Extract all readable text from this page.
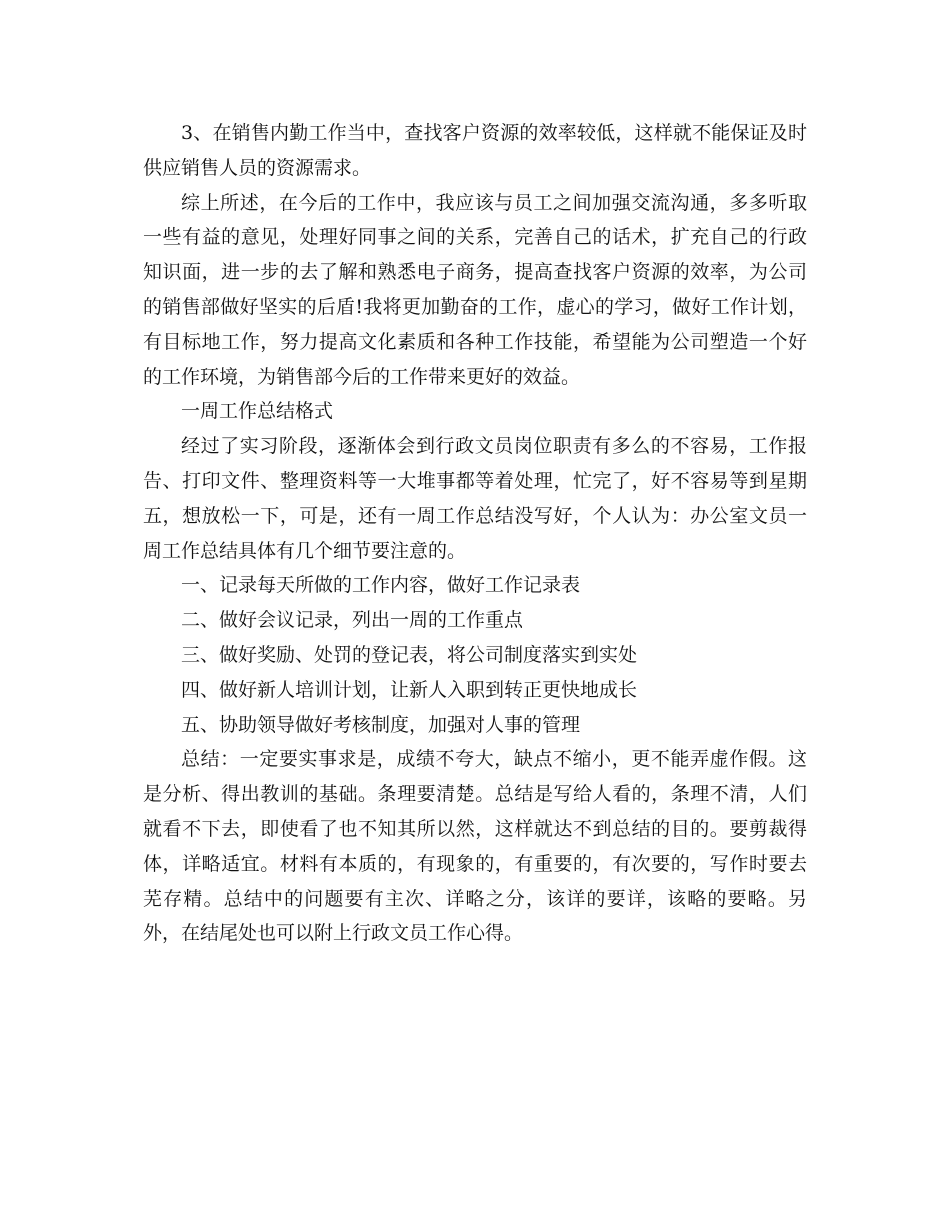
3、在销售内勤工作当中，查找客户资源的效率较低，这样就不能保证及时供应销售人员的资源需求。

综上所述，在今后的工作中，我应该与员工之间加强交流沟通，多多听取一些有益的意见，处理好同事之间的关系，完善自己的话术，扩充自己的行政知识面，进一步的去了解和熟悉电子商务，提高查找客户资源的效率，为公司的销售部做好坚实的后盾!我将更加勤奋的工作，虚心的学习，做好工作计划，有目标地工作，努力提高文化素质和各种工作技能，希望能为公司塑造一个好的工作环境，为销售部今后的工作带来更好的效益。

一周工作总结格式

经过了实习阶段，逐渐体会到行政文员岗位职责有多么的不容易，工作报告、打印文件、整理资料等一大堆事都等着处理，忙完了，好不容易等到星期五，想放松一下，可是，还有一周工作总结没写好，个人认为：办公室文员一周工作总结具体有几个细节要注意的。

一、记录每天所做的工作内容，做好工作记录表

二、做好会议记录，列出一周的工作重点

三、做好奖励、处罚的登记表，将公司制度落实到实处

四、做好新人培训计划，让新人入职到转正更快地成长

五、协助领导做好考核制度，加强对人事的管理

总结：一定要实事求是，成绩不夸大，缺点不缩小，更不能弄虚作假。这是分析、得出教训的基础。条理要清楚。总结是写给人看的，条理不清，人们就看不下去，即使看了也不知其所以然，这样就达不到总结的目的。要剪裁得体，详略适宜。材料有本质的，有现象的，有重要的，有次要的，写作时要去芜存精。总结中的问题要有主次、详略之分，该详的要详，该略的要略。另外，在结尾处也可以附上行政文员工作心得。
